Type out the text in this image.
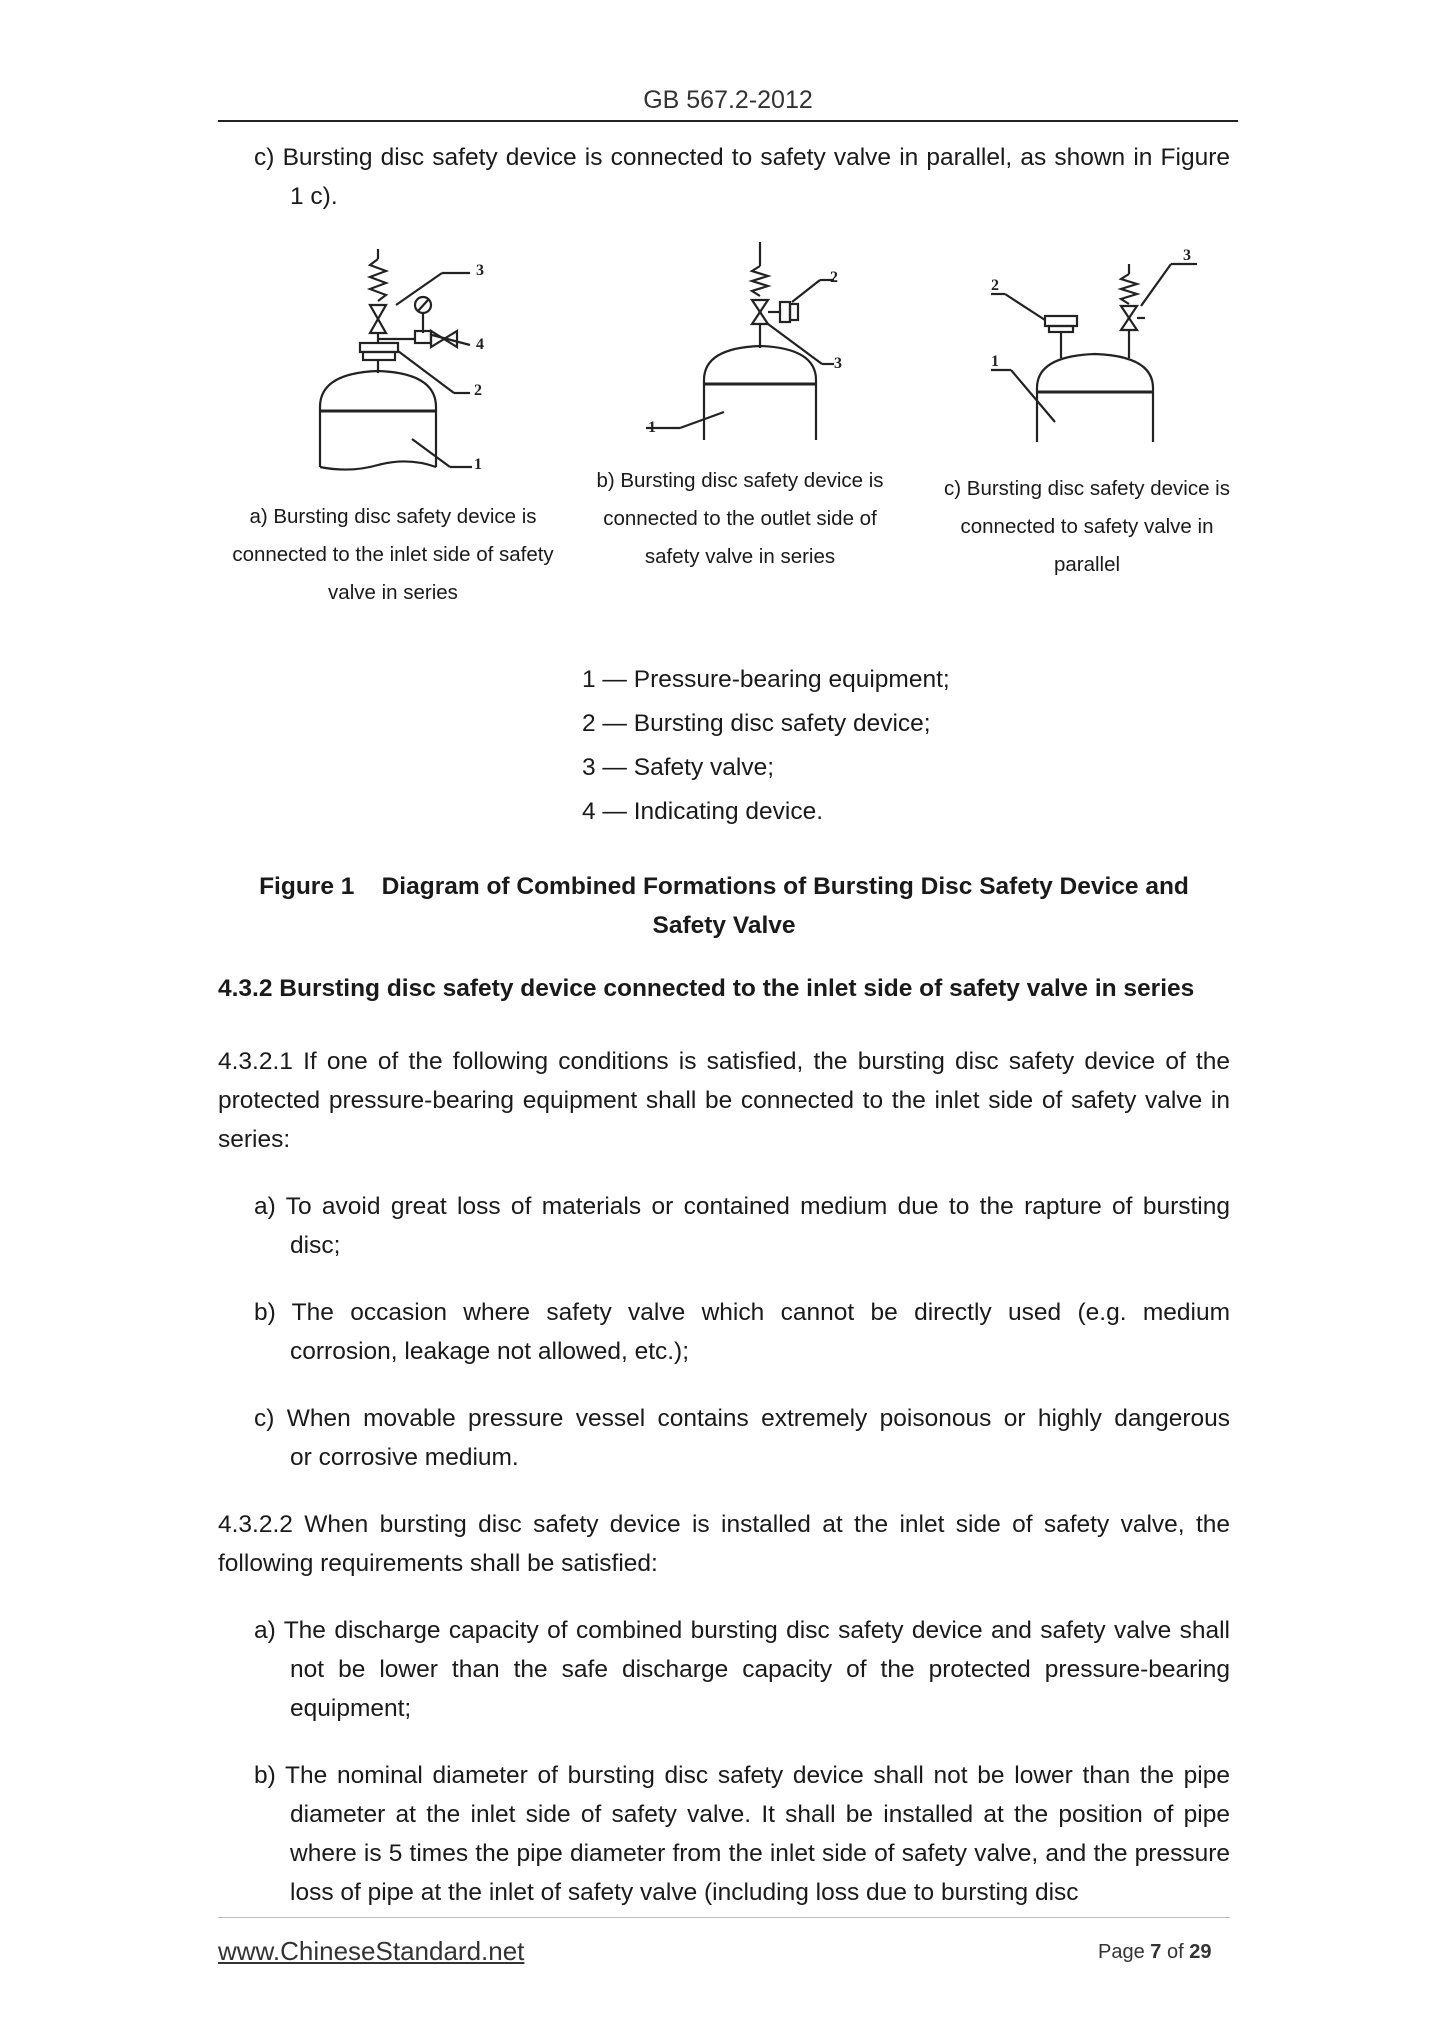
GB 567.2-2012
c) Bursting disc safety device is connected to safety valve in parallel, as shown in Figure
1 c).
3
4
2
1
2
3
1
3
2
1
a) Bursting disc safety device is connected to the inlet side of safety valve in series
b) Bursting disc safety device is connected to the outlet side of safety valve in series
c) Bursting disc safety device is connected to safety valve in parallel
1 — Pressure-bearing equipment;
2 — Bursting disc safety device;
3 — Safety valve;
4 — Indicating device.
Figure 1    Diagram of Combined Formations of Bursting Disc Safety Device and
Safety Valve
4.3.2 Bursting disc safety device connected to the inlet side of safety valve in series
4.3.2.1 If one of the following conditions is satisfied, the bursting disc safety device of the protected pressure-bearing equipment shall be connected to the inlet side of safety valve in series:
a) To avoid great loss of materials or contained medium due to the rapture of bursting
disc;
b) The occasion where safety valve which cannot be directly used (e.g. medium
corrosion, leakage not allowed, etc.);
c) When movable pressure vessel contains extremely poisonous or highly dangerous
or corrosive medium.
4.3.2.2 When bursting disc safety device is installed at the inlet side of safety valve, the following requirements shall be satisfied:
a) The discharge capacity of combined bursting disc safety device and safety valve shall
not be lower than the safe discharge capacity of the protected pressure-bearing equipment;
b) The nominal diameter of bursting disc safety device shall not be lower than the pipe
diameter at the inlet side of safety valve. It shall be installed at the position of pipe where is 5 times the pipe diameter from the inlet side of safety valve, and the pressure loss of pipe at the inlet of safety valve (including loss due to bursting disc
www.ChineseStandard.net	Page 7 of 29
